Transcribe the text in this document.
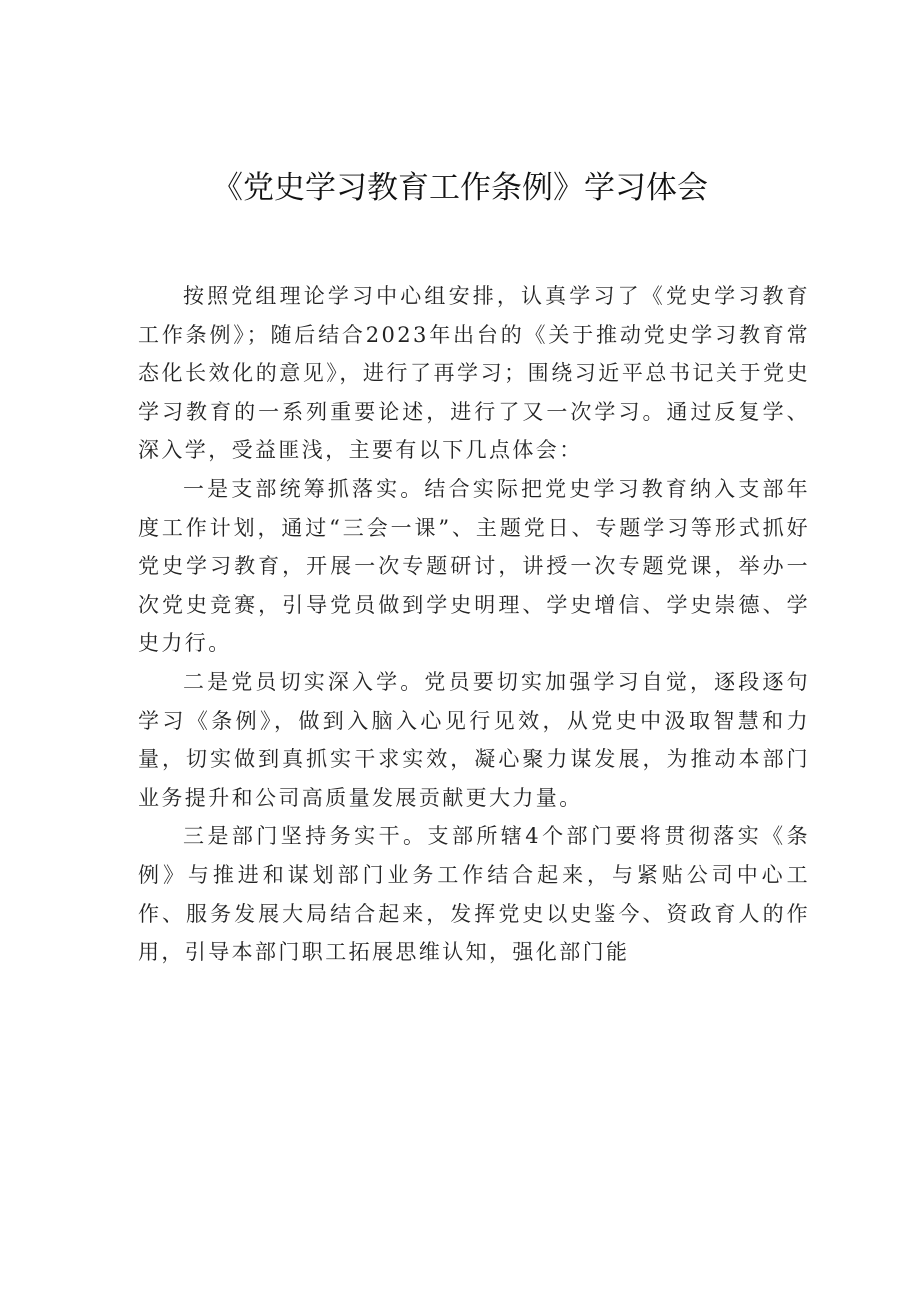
《党史学习教育工作条例》学习体会

按照党组理论学习中心组安排，认真学习了《党史学习教育工作条例》；随后结合2023年出台的《关于推动党史学习教育常态化长效化的意见》，进行了再学习；围绕习近平总书记关于党史学习教育的一系列重要论述，进行了又一次学习。通过反复学、深入学，受益匪浅，主要有以下几点体会：

一是支部统筹抓落实。结合实际把党史学习教育纳入支部年度工作计划，通过“三会一课”、主题党日、专题学习等形式抓好党史学习教育，开展一次专题研讨，讲授一次专题党课，举办一次党史竞赛，引导党员做到学史明理、学史增信、学史崇德、学史力行。

二是党员切实深入学。党员要切实加强学习自觉，逐段逐句学习《条例》，做到入脑入心见行见效，从党史中汲取智慧和力量，切实做到真抓实干求实效，凝心聚力谋发展，为推动本部门业务提升和公司高质量发展贡献更大力量。

三是部门坚持务实干。支部所辖4个部门要将贯彻落实《条例》与推进和谋划部门业务工作结合起来，与紧贴公司中心工作、服务发展大局结合起来，发挥党史以史鉴今、资政育人的作用，引导本部门职工拓展思维认知，强化部门能
